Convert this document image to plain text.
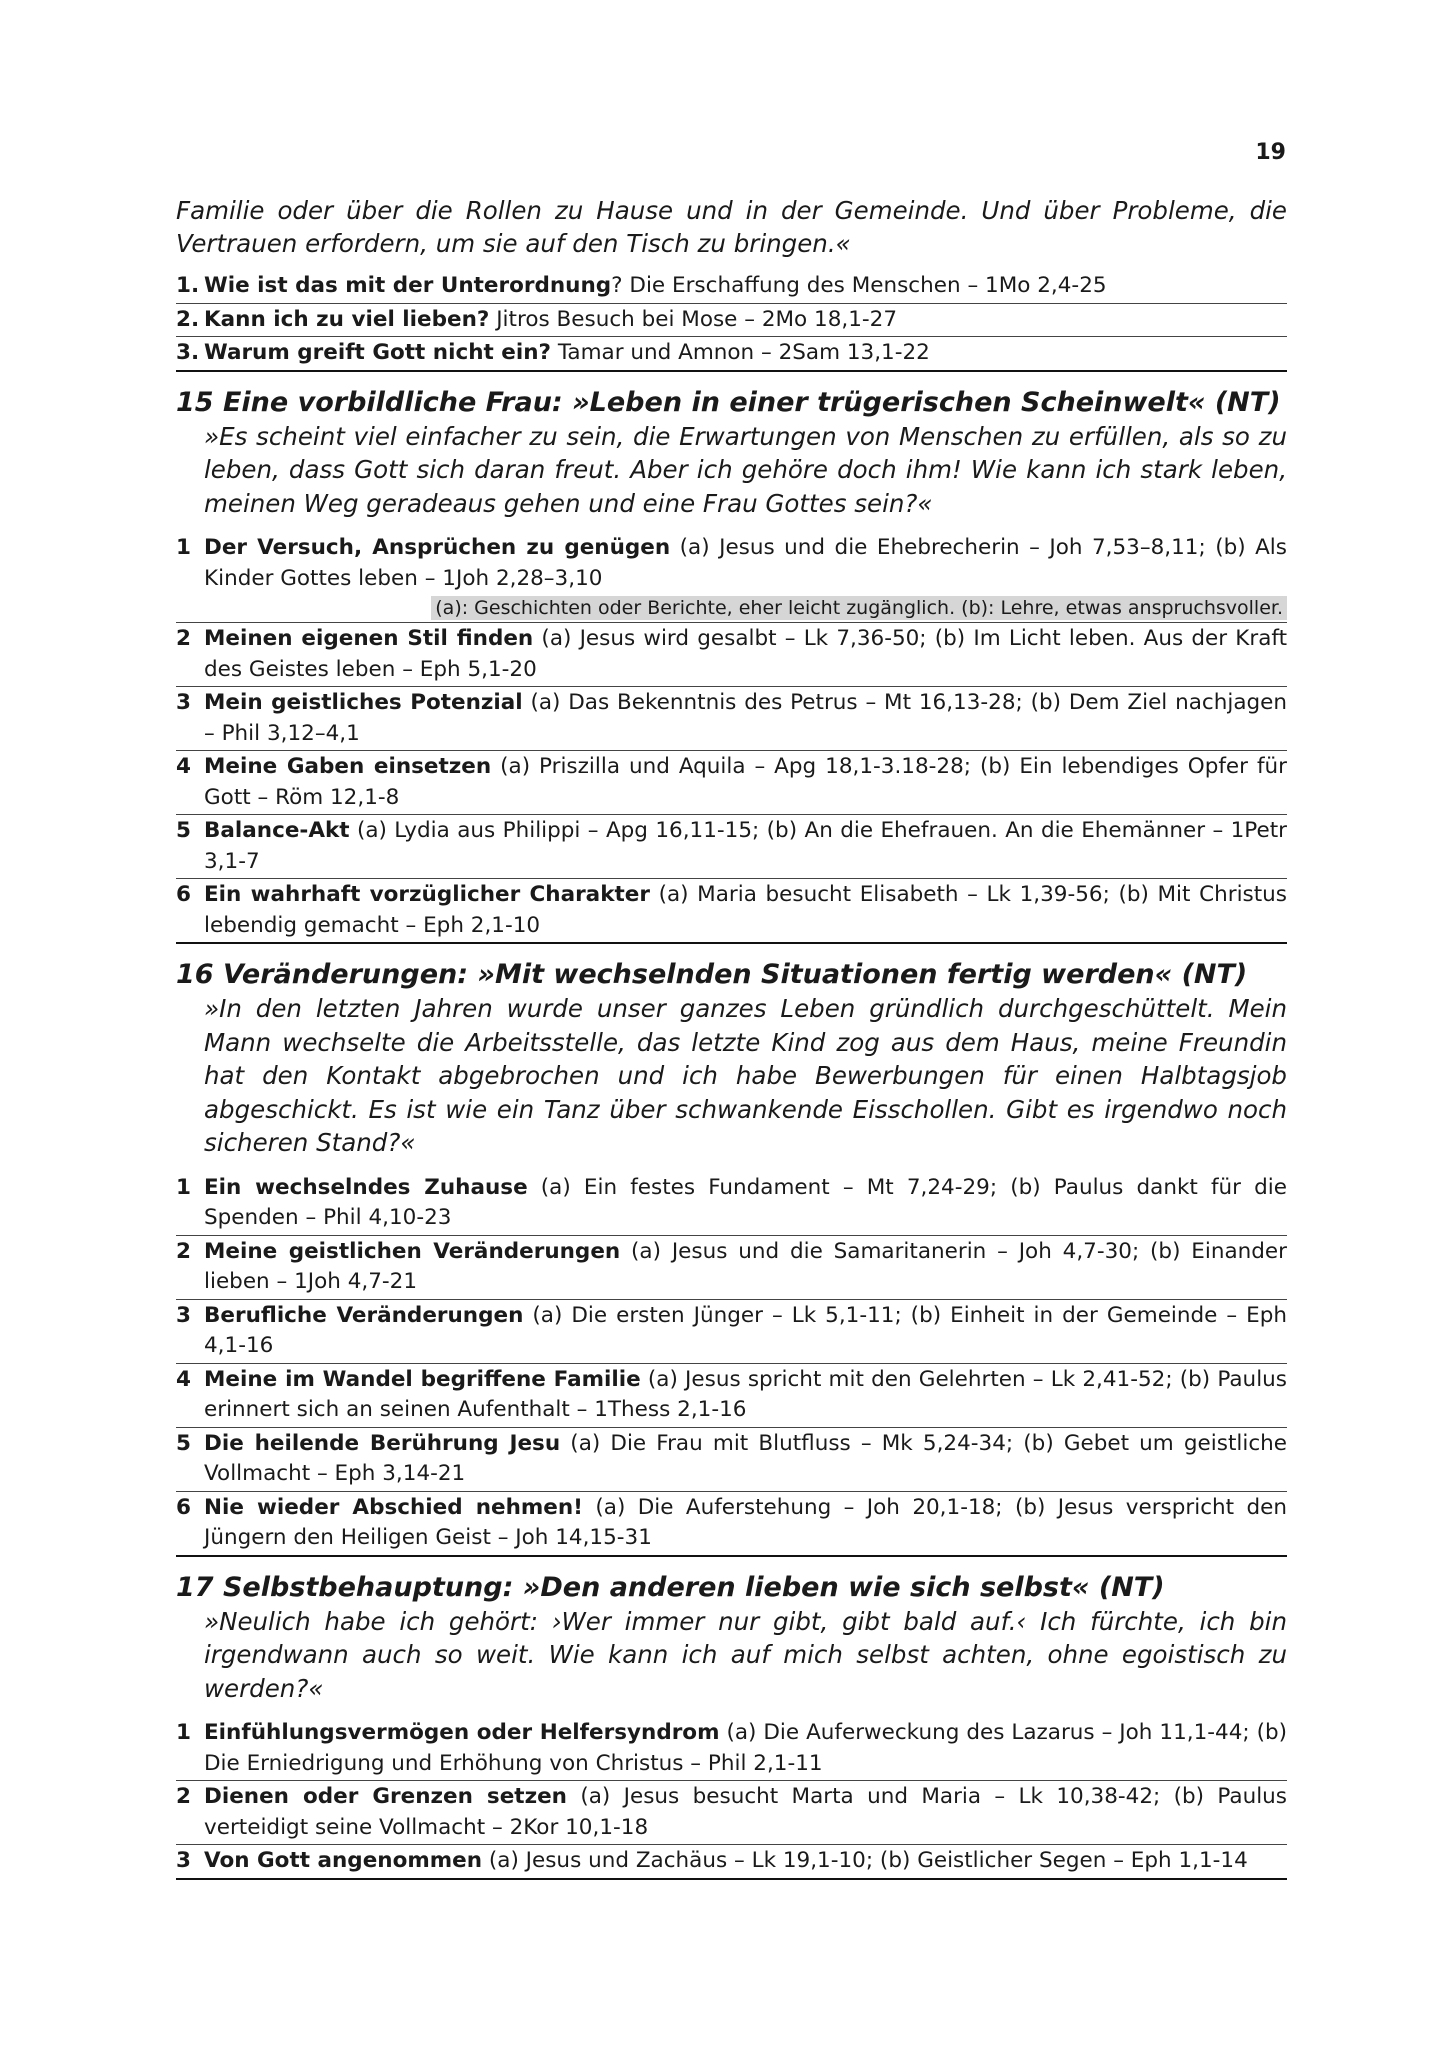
19

Familie oder über die Rollen zu Hause und in der Gemeinde. Und über Probleme, die Vertrauen erfordern, um sie auf den Tisch zu bringen.«

1. Wie ist das mit der Unterordnung? Die Erschaffung des Menschen – 1Mo 2,4-25
2. Kann ich zu viel lieben? Jitros Besuch bei Mose – 2Mo 18,1-27
3. Warum greift Gott nicht ein? Tamar und Amnon – 2Sam 13,1-22
15 Eine vorbildliche Frau: »Leben in einer trügerischen Scheinwelt« (NT)

»Es scheint viel einfacher zu sein, die Erwartungen von Menschen zu erfüllen, als so zu leben, dass Gott sich daran freut. Aber ich gehöre doch ihm! Wie kann ich stark leben, meinen Weg geradeaus gehen und eine Frau Gottes sein?«

1 Der Versuch, Ansprüchen zu genügen (a) Jesus und die Ehebrecherin – Joh 7,53–8,11; (b) Als Kinder Gottes leben – 1Joh 2,28–3,10
(a): Geschichten oder Berichte, eher leicht zugänglich. (b): Lehre, etwas anspruchsvoller.
2 Meinen eigenen Stil finden (a) Jesus wird gesalbt – Lk 7,36-50; (b) Im Licht leben. Aus der Kraft des Geistes leben – Eph 5,1-20
3 Mein geistliches Potenzial (a) Das Bekenntnis des Petrus – Mt 16,13-28; (b) Dem Ziel nachjagen – Phil 3,12–4,1
4 Meine Gaben einsetzen (a) Priszilla und Aquila – Apg 18,1-3.18-28; (b) Ein lebendiges Opfer für Gott – Röm 12,1-8
5 Balance-Akt (a) Lydia aus Philippi – Apg 16,11-15; (b) An die Ehefrauen. An die Ehemänner – 1Petr 3,1-7
6 Ein wahrhaft vorzüglicher Charakter (a) Maria besucht Elisabeth – Lk 1,39-56; (b) Mit Christus lebendig gemacht – Eph 2,1-10
16 Veränderungen: »Mit wechselnden Situationen fertig werden« (NT)

»In den letzten Jahren wurde unser ganzes Leben gründlich durchgeschüttelt. Mein Mann wechselte die Arbeitsstelle, das letzte Kind zog aus dem Haus, meine Freundin hat den Kontakt abgebrochen und ich habe Bewerbungen für einen Halbtagsjob abgeschickt. Es ist wie ein Tanz über schwankende Eisschollen. Gibt es irgendwo noch sicheren Stand?«

1 Ein wechselndes Zuhause (a) Ein festes Fundament – Mt 7,24-29; (b) Paulus dankt für die Spenden – Phil 4,10-23
2 Meine geistlichen Veränderungen (a) Jesus und die Samaritanerin – Joh 4,7-30; (b) Einander lieben – 1Joh 4,7-21
3 Berufliche Veränderungen (a) Die ersten Jünger – Lk 5,1-11; (b) Einheit in der Gemeinde – Eph 4,1-16
4 Meine im Wandel begriffene Familie (a) Jesus spricht mit den Gelehrten – Lk 2,41-52; (b) Paulus erinnert sich an seinen Aufenthalt – 1Thess 2,1-16
5 Die heilende Berührung Jesu (a) Die Frau mit Blutfluss – Mk 5,24-34; (b) Gebet um geistliche Vollmacht – Eph 3,14-21
6 Nie wieder Abschied nehmen! (a) Die Auferstehung – Joh 20,1-18; (b) Jesus verspricht den Jüngern den Heiligen Geist – Joh 14,15-31
17 Selbstbehauptung: »Den anderen lieben wie sich selbst« (NT)

»Neulich habe ich gehört: ›Wer immer nur gibt, gibt bald auf.‹ Ich fürchte, ich bin irgendwann auch so weit. Wie kann ich auf mich selbst achten, ohne egoistisch zu werden?«

1 Einfühlungsvermögen oder Helfersyndrom (a) Die Auferweckung des Lazarus – Joh 11,1-44; (b) Die Erniedrigung und Erhöhung von Christus – Phil 2,1-11
2 Dienen oder Grenzen setzen (a) Jesus besucht Marta und Maria – Lk 10,38-42; (b) Paulus verteidigt seine Vollmacht – 2Kor 10,1-18
3 Von Gott angenommen (a) Jesus und Zachäus – Lk 19,1-10; (b) Geistlicher Segen – Eph 1,1-14
